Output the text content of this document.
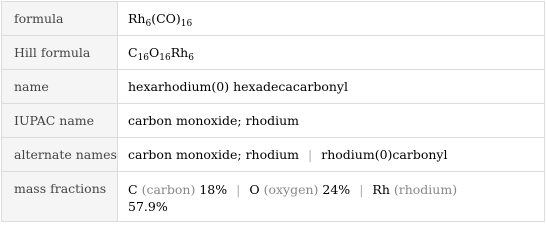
formula	$Rh_6(CO)_{16}$
Hill formula	$C_{16}O_{16}Rh_6$
name	hexarhodium(0) hexadecacarbonyl
IUPAC name	carbon monoxide; rhodium
alternate names	carbon monoxide; rhodium | rhodium(0)carbonyl
mass fractions	C (carbon) 18% | O (oxygen) 24% | Rh (rhodium)
57.9%
